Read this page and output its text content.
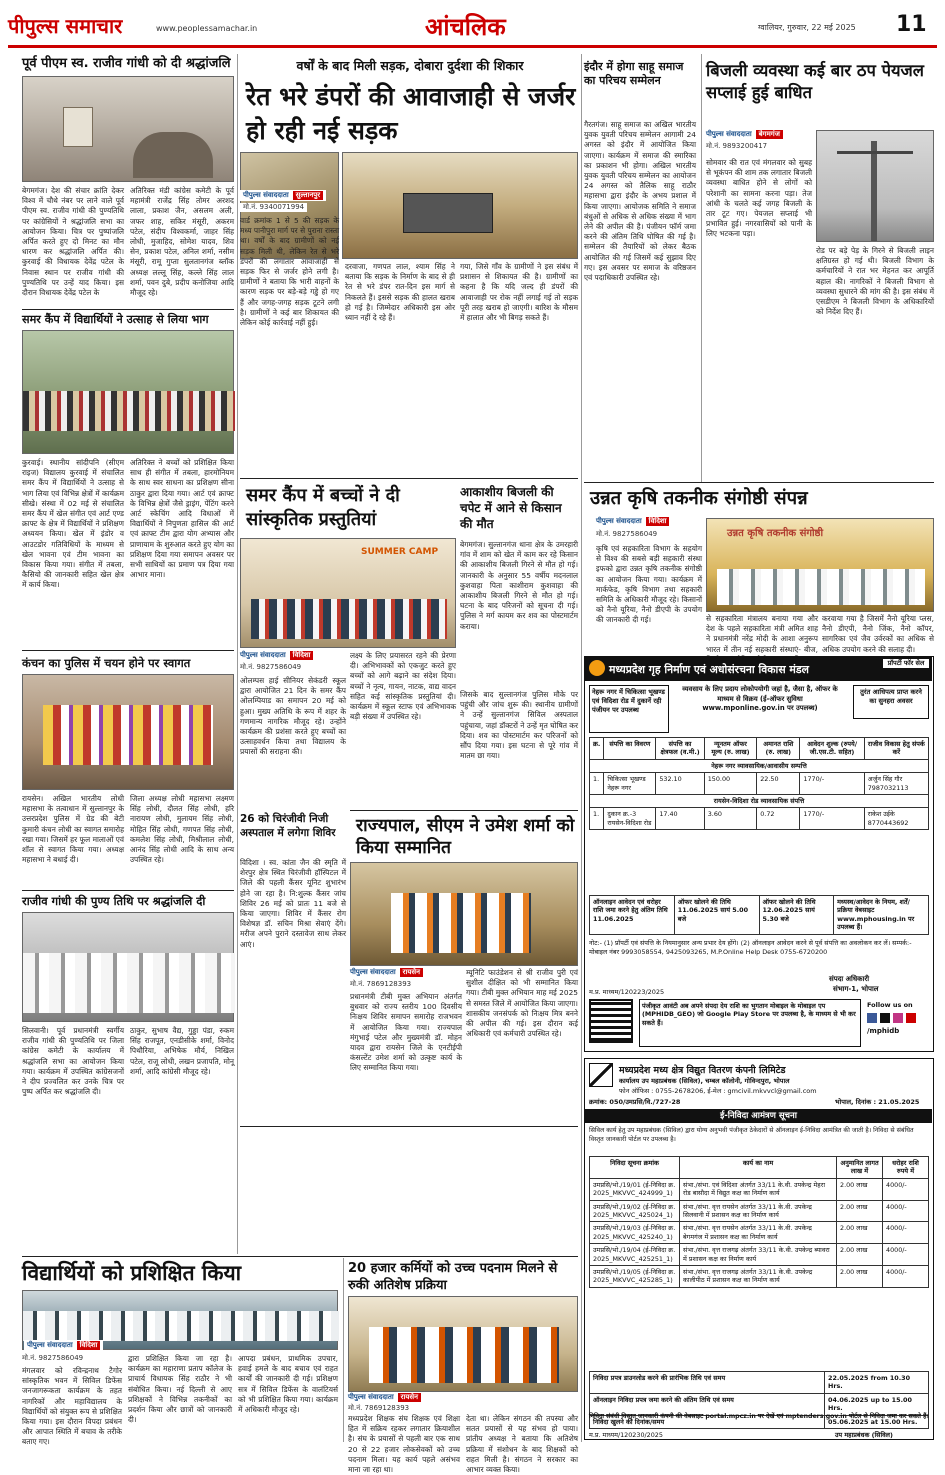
पीपुल्स समाचार	www.peoplessamachar.in	आंचलिक	ग्वालियर, गुरुवार, 22 मई 2025 11
पूर्व पीएम स्व. राजीव गांधी को दी श्रद्धांजलि
बेगमगंज। देश की संचार क्रांति देकर विश्व में चौथे नंबर पर लाने वाले पूर्व पीएम स्व. राजीव गांधी की पुण्यतिथि पर कांग्रेसियों ने श्रद्धांजलि सभा का आयोजन किया। चित्र पर पुष्पांजलि अर्पित करते हुए दो मिनट का मौन धारण कर श्रद्धांजलि अर्पित की। कुरवाई की विधायक देवेंद्र पटेल के निवास स्थान पर राजीव गांधी की पुण्यतिथि पर उन्हें याद किया। इस दौरान विधायक देवेंद्र पटेल के
अतिरिक्त मंडी कांग्रेस कमेटी के पूर्व महामंत्री राजेंद्र सिंह तोमर अरशद लाला, प्रकाश जैन, असलम अली, जफर शाह, सकिर मंसूरी, अकरम पटेल, संदीप विश्वकर्मा, जाहर सिंह लोधी, मुजाहिद, सोमेश यादव, शिव सेन, प्रकाश पटेल, अनिल शर्मा, नसीम मंसूरी, रामू गुप्ता सुलतानगंज ब्लॉक अध्यक्ष लल्लू सिंह, कल्ले सिंह लाल शर्मा, पवन दुबे, प्रदीप कनोजिया आदि मौजूद रहे।
समर कैंप में विद्यार्थियों ने उत्साह से लिया भाग
कुरवाई। स्थानीय सांदीपनि (सीएम राइज) विद्यालय कुरवाई में संचालित समर कैंप में विद्यार्थियों ने उत्साह से भाग लिया एवं विभिन्न क्षेत्रों में कार्यक्रम सीखे। संस्था में 02 मई से संचालित समर कैंप में खेल संगीत एवं आर्ट एण्ड क्राफ्ट के क्षेत्र में विद्यार्थियों ने प्रशिक्षण अध्ययन किया। खेल में इंडोर व आउटडोर गतिविधियों के माध्यम से खेल भावना एवं टीम भावना का विकास किया गया। संगीत में तबला, कैसियो की जानकारी सहित खेल क्षेत्र में कार्य किया।
अतिरिक्त ने बच्चों को प्रशिक्षित किया साथ ही संगीत में तबला, हारमोनियम के साथ स्वर साधना का प्रशिक्षण सीना ठाकुर द्वारा दिया गया। आर्ट एवं क्राफ्ट के विभिन्न क्षेत्रों जैसे ड्राइंग, पेंटिंग करने आर्ट स्केचिंग आदि विधाओं में विद्यार्थियों ने निपुणता हासिल की आर्ट एवं क्राफ्ट टीम द्वारा योग अभ्यास और प्राणायाम के शुरुआत करते हुए योग का प्रशिक्षण दिया गया समापन अवसर पर सभी साथियों का प्रमाण पत्र दिया गया आभार माना।
कंचन का पुलिस में चयन होने पर स्वागत
रायसेन। अखिल भारतीय लोधी महासभा के तत्वाधान में सुल्तानपुर के उत्तरप्रदेश पुलिस में ग्रेड की बेटी कुमारी कंचन लोधी का स्वागत समारोह रखा गया। जिसमें हर फूल मालाओं एवं शॉल से स्वागत किया गया। अध्यक्ष महासभा ने बधाई दी।
जिला अध्यक्ष लोधी महासभा लक्ष्मण सिंह लोधी, दौलत सिंह लोधी, हरि नारायण लोधी, मुलायम सिंह लोधी, मोहित सिंह लोधी, गणपत सिंह लोधी, कमलेश सिंह लोधी, मिश्रीलाल लोधी, आनंद सिंह लोधी आदि के साथ अन्य उपस्थित रहे।
राजीव गांधी की पुण्य तिथि पर श्रद्धांजलि दी
सिलवानी। पूर्व प्रधानमंत्री स्वर्गीय राजीव गांधी की पुण्यतिथि पर जिला कांग्रेस कमेटी के कार्यालय में श्रद्धांजलि सभा का आयोजन किया गया। कार्यक्रम में उपस्थित कांग्रेसजनों ने दीप प्रज्वलित कर उनके चित्र पर पुष्प अर्पित कर श्रद्धांजलि दी।
ठाकुर, सुभाष वैद्य, गुड्डा पंडा, रुकम सिंह राजपूत, एनडीसीके शर्मा, विनोद पिथौरिया, अभिषेक मौर्य, निखिल पटेल, राजू लोधी, लखन प्रजापति, मोनू शर्मा, आदि कांग्रेसी मौजूद रहे।
वर्षों के बाद मिली सड़क, दोबारा दुर्दशा की शिकार
रेत भरे डंपरों की आवाजाही से जर्जर हो रही नई सड़क
पीपुल्स संवाददाता	सुल्तानपुर
मो.नं. 9340071994
वार्ड क्रमांक 1 से 5 की सड़क के मध्य पानीपुरा मार्ग पर से पुराना रास्ता था। वर्षों के बाद ग्रामीणों को नई सड़क मिली थी, लेकिन रेत से भरे डंपरों की लगातार आवाजाही से सड़क फिर से जर्जर होने लगी है। ग्रामीणों ने बताया कि भारी वाहनों के कारण सड़क पर बड़े-बड़े गड्ढे हो गए हैं और जगह-जगह सड़क टूटने लगी है। ग्रामीणों ने कई बार शिकायत की लेकिन कोई कार्रवाई नहीं हुई।
दरवाजा, गणपत लाल, श्याम सिंह ने बताया कि सड़क के निर्माण के बाद से ही रेत से भरे डंपर रात-दिन इस मार्ग से निकलते हैं। इससे सड़क की हालत खराब हो गई है। जिम्मेदार अधिकारी इस ओर ध्यान नहीं दे रहे हैं।
गया, जिसे गाँव के ग्रामीणों ने इस संबंध में प्रशासन से शिकायत की है। ग्रामीणों का कहना है कि यदि जल्द ही डंपरों की आवाजाही पर रोक नहीं लगाई गई तो सड़क पूरी तरह खराब हो जाएगी। बारिश के मौसम में हालात और भी बिगड़ सकते हैं।
समर कैंप में बच्चों ने दी सांस्कृतिक प्रस्तुतियां
SUMMER CAMP
पीपुल्स संवाददाता	विदिशा
मो.नं. 9827586049
ओलम्पस हाई सीनियर सेकंडरी स्कूल द्वारा आयोजित 21 दिन के समर कैंप ओलम्पियाड का समापन 20 मई को हुआ। मुख्य अतिथि के रूप में शहर के गणमान्य नागरिक मौजूद रहे। उन्होंने कार्यक्रम की प्रशंसा करते हुए बच्चों का उत्साहवर्धन किया तथा विद्यालय के प्रयासों की सराहना की।
लक्ष्य के लिए प्रयासरत रहने की प्रेरणा दी। अभिभावकों को एकजुट करते हुए बच्चों को आगे बढ़ाने का संदेश दिया। बच्चों ने नृत्य, गायन, नाटक, वाद्य वादन सहित कई सांस्कृतिक प्रस्तुतियां दी। कार्यक्रम में स्कूल स्टाफ एवं अभिभावक बड़ी संख्या में उपस्थित रहे।
26 को चिरंजीवी निजी अस्पताल में लगेगा शिविर
विदिशा । स्व. कांता जैन की स्मृति में शेरपुर क्षेत्र स्थित चिरंजीवी हॉस्पिटल में जिले की पहली कैंसर यूनिट शुभारंभ होने जा रहा है। नि:शुल्क कैंसर जांच शिविर 26 मई को प्रातः 11 बजे से किया जाएगा। शिविर में कैंसर रोग विशेषज्ञ डॉ. सचिन मिश्रा सेवाएं देंगे। मरीज अपने पुराने दस्तावेज साथ लेकर आएं।
आकाशीय बिजली की चपेट में आने से किसान की मौत
बेगमगंज। सुल्तानगंज थाना क्षेत्र के उमरहारी गांव में शाम को खेत में काम कर रहे किसान की आकाशीय बिजली गिरने से मौत हो गई। जानकारी के अनुसार 55 वर्षीय मदनलाल कुशवाहा पिता काशीराम कुशवाहा की आकाशीय बिजली गिरने से मौत हो गई। घटना के बाद परिजनों को सूचना दी गई। पुलिस ने मर्ग कायम कर शव का पोस्टमार्टम कराया।
जिसके बाद सुल्तानगंज पुलिस मौके पर पहुंची और जांच शुरू की। स्थानीय ग्रामीणों ने उन्हें सुल्तानगंज सिविल अस्पताल पहुंचाया, जहां डॉक्टरों ने उन्हें मृत घोषित कर दिया। शव का पोस्टमार्टम कर परिजनों को सौंप दिया गया। इस घटना से पूरे गांव में मातम छा गया।
राज्यपाल, सीएम ने उमेश शर्मा को किया सम्मानित
पीपुल्स संवाददाता	रायसेन
मो.नं. 7869128393
प्रधानमंत्री टीबी मुक्त अभियान अंतर्गत बुधवार को राज्य स्तरीय 100 दिवसीय निःक्षय शिविर समापन समारोह राजभवन में आयोजित किया गया। राज्यपाल मंगुभाई पटेल और मुख्यमंत्री डॉ. मोहन यादव द्वारा रायसेन जिले के एनटीईपी कंसल्टेंट उमेश शर्मा को उत्कृष्ट कार्य के लिए सम्मानित किया गया।
म्यूनिटि फाउंडेशन से श्री राजीव पुरी एवं सुशील दीक्षित को भी सम्मानित किया गया। टीबी मुक्त अभियान माह मई 2025 से समस्त जिले में आयोजित किया जाएगा। शासकीय जनसंपर्क को निःक्षय मित्र बनने की अपील की गई। इस दौरान कई अधिकारी एवं कर्मचारी उपस्थित रहे।
विद्यार्थियों को प्रशिक्षित किया
पीपुल्स संवाददाता	विदिशा
मो.नं. 9827586049
मंगलवार को रविन्द्रनाथ टैगोर सांस्कृतिक भवन में सिविल डिफेंस जनजागरूकता कार्यक्रम के तहत नागरिकों और महाविद्यालय के विद्यार्थियों को संयुक्त रूप से प्रशिक्षित किया गया। इस दौरान विपदा प्रबंधन और आपात स्थिति में बचाव के तरीके बताए गए।
द्वारा प्रशिक्षित किया जा रहा है। कार्यक्रम का महाराणा प्रताप कॉलेज के प्राचार्य विधायक सिंह राठौर ने भी संबोधित किया। नई दिल्ली से आए प्रशिक्षकों ने विभिन्न तकनीकों का प्रदर्शन किया और छात्रों को जानकारी दी।
आपदा प्रबंधन, प्राथमिक उपचार, हवाई हमले के बाद बचाव एवं राहत कार्यों की जानकारी दी गई। प्रशिक्षण सत्र में सिविल डिफेंस के वालंटियर्स को भी प्रशिक्षित किया गया। कार्यक्रम में अधिकारी मौजूद रहे।
20 हजार कर्मियों को उच्च पदनाम मिलने से रुकी अतिशेष प्रक्रिया
पीपुल्स संवाददाता	रायसेन
मो.नं. 7869128393
मध्यप्रदेश शिक्षक संघ शिक्षक एवं शिक्षा हित में सक्रिय रहकर लगातार क्रियाशील है। संघ के प्रयासों से पहली बार एक साथ 20 से 22 हजार लोकसेवकों को उच्च पदनाम मिला। यह कार्य पहले असंभव माना जा रहा था।
देता था। लेकिन संगठन की तपस्या और सतत प्रयासों से यह संभव हो पाया। प्रांतीय अध्यक्ष ने बताया कि अतिशेष प्रक्रिया में संशोधन के बाद शिक्षकों को राहत मिली है। संगठन ने सरकार का आभार व्यक्त किया।
इंदौर में होगा साहू समाज का परिचय सम्मेलन
गैरतगंज। साहू समाज का अखिल भारतीय युवक युवती परिचय सम्मेलन आगामी 24 अगस्त को इंदौर में आयोजित किया जाएगा। कार्यक्रम में समाज की स्मारिका का प्रकाशन भी होगा। अखिल भारतीय युवक युवती परिचय सम्मेलन का आयोजन 24 अगस्त को तैलिक साहू राठौर महासभा द्वारा इंदौर के अभय प्रशाल में किया जाएगा। आयोजक समिति ने समाज बंधुओं से अधिक से अधिक संख्या में भाग लेने की अपील की है। पंजीयन फॉर्म जमा करने की अंतिम तिथि घोषित की गई है। सम्मेलन की तैयारियों को लेकर बैठक आयोजित की गई जिसमें कई सुझाव दिए गए। इस अवसर पर समाज के वरिष्ठजन एवं पदाधिकारी उपस्थित रहे।
बिजली व्यवस्था कई बार ठप पेयजल सप्लाई हुई बाधित
पीपुल्स संवाददाता	बेगमगंज
मो.नं. 9893200417
सोमवार की रात एवं मंगलवार को सुबह से भूकंपन की शाम तक लगातार बिजली व्यवस्था बाधित होने से लोगों को परेशानी का सामना करना पड़ा। तेज आंधी के चलते कई जगह बिजली के तार टूट गए। पेयजल सप्लाई भी प्रभावित हुई। नगरवासियों को पानी के लिए भटकना पड़ा।
रोड पर बड़े पेड़ के गिरने से बिजली लाइन क्षतिग्रस्त हो गई थी। बिजली विभाग के कर्मचारियों ने रात भर मेहनत कर आपूर्ति बहाल की। नागरिकों ने बिजली विभाग से व्यवस्था सुधारने की मांग की है। इस संबंध में एसडीएम ने बिजली विभाग के अधिकारियों को निर्देश दिए हैं।
उन्नत कृषि तकनीक संगोष्ठी संपन्न
पीपुल्स संवाददाता	विदिशा
मो.नं. 9827586049
कृषि एवं सहकारिता विभाग के सहयोग से विश्व की सबसे बड़ी सहकारी संस्था इफको द्वारा उन्नत कृषि तकनीक संगोष्ठी का आयोजन किया गया। कार्यक्रम में मार्कफेड, कृषि विभाग तथा सहकारी समिति के अधिकारी मौजूद रहे। किसानों को नैनो यूरिया, नैनो डीएपी के उपयोग की जानकारी दी गई।
उन्नत कृषि तकनीक संगोष्ठी
से सहकारिता मंत्रालय बनाया गया और देश के पहले सहकारिता मंत्री अमित शाह ने प्रधानमंत्री नरेंद्र मोदी के आशा अनुरूप भारत में तीन नई सहकारी संस्थाएं- बीज,
करवाया गया है जिसमें नैनो यूरिया प्लस, नैनो डीएपी, नैनो जिंक, नैनो कॉपर, सागरिका एवं जैव उर्वरकों का अधिक से अधिक उपयोग करने की सलाह दी।
मध्यप्रदेश गृह निर्माण एवं अधोसंरचना विकास मंडल	प्रॉपर्टी फॉर सेल
नेहरू नगर में चिकित्सा भूखण्ड एवं विदिशा रोड में दुकानें रही पंजीयन पर उपलब्ध
व्यवसाय के लिए प्रदाय लोकोपयोगी जहां है, जैसा है, ऑफर के माध्यम से विक्रय (ई-ऑफर सुविधा www.mponline.gov.in पर उपलब्ध)
तुरंत आधिपत्य प्राप्त करने का सुनहरा अवसर
क्र.	संपत्ति का विवरण	संपत्ति का क्षेत्रफल (व.मी.)	न्यूनतम ऑफर मूल्य (रु. लाख)	अमानत राशि (रु. लाख)	आवेदन शुल्क (रुपये/जी.एस.टी. सहित)	राजीव विकास हेतु संपर्क करें
नेहरू नगर व्यावसायिक/आवासीय सम्पत्ति						
1.	चिकित्सा भूखण्ड नेहरू नगर	532.10	150.00	22.50	1770/-	अर्जुन सिंह गौर 7987032113
रायसेन-विदिशा रोड व्यावसायिक संपत्ति						
1.	दुकान क्र.-3 रायसेन-विदिशा रोड	17.40	3.60	0.72	1770/-	राकेश उईके 8770443692
ऑनलाइन आवेदन एवं धरोहर राशि जमा करने हेतु अंतिम तिथि 11.06.2025	ऑफर खोलने की तिथि 11.06.2025 सायं 5.00 बजे	ऑफर खोलने की तिथि 12.06.2025 सायं 5.30 बजे	मध्यस्थ/आवेदन के नियम, शर्तें/प्रक्रिया वेबसाइट www.mphousing.in पर उपलब्ध हैं।
नोट:- (1) प्रॉपर्टी एवं संपत्ति के नियमानुसार अन्य प्रभार देय होंगे। (2) ऑनलाइन आवेदन करने से पूर्व संपत्ति का अवलोकन कर लें। सम्पर्क:- मोबाइल नंबर 9993058554, 9425093265, M.P.Online Help Desk 0755-6720200
संपदा अधिकारी
संभाग-1, भोपाल
म.प्र. माध्यम/120223/2025
पंजीकृत आवंटी अब अपने संपदा देय राशि का भुगतान मोबाइल के मोबाइल एप (MPHIDB_GEO) जो Google Play Store पर उपलब्ध है, के माध्यम से भी कर सकते हैं।
Follow us on
/mphidb
मध्यप्रदेश मध्य क्षेत्र विद्युत वितरण कंपनी लिमिटेड
कार्यालय उप महाप्रबंधक (सिविल), चम्बल कॉलोनी, गोविन्दपुरा, भोपाल
फोन ऑफिस : 0755-2678206, ई-मेल : gmcivil.mkvvcl@gmail.com
क्रमांक: 050/उमप्रसि/वि./727-28	भोपाल, दिनांक : 21.05.2025
ई-निविदा आमंत्रण सूचना
सिविल कार्य हेतु उप महाप्रबंधक (सिविल) द्वारा योग्य अनुभवी पंजीकृत ठेकेदारों से ऑनलाइन ई-निविदा आमंत्रित की जाती है। निविदा से संबंधित विस्तृत जानकारी पोर्टल पर उपलब्ध है।
निविदा सूचना क्रमांक	कार्य का नाम	अनुमानित लागत लाख में	धरोहर राशि रुपये में
उमप्रसि/भो./19/01 (ई-निविदा क्र. 2025_MKVVC_424999_1)	संभा./संभा. एवं विदिशा अंतर्गत 33/11 के.वी. उपकेन्द्र मेहरा रोड बासौदा में विद्युत कक्ष का निर्माण कार्य	2.00 लाख	4000/-
उमप्रसि/भो./19/02 (ई-निविदा क्र. 2025_MKVVC_425024_1)	संभा./संभा. वृत्त रायसेन अंतर्गत 33/11 के.वी. उपकेन्द्र सिलवानी में प्रशासन कक्ष का निर्माण कार्य	2.00 लाख	4000/-
उमप्रसि/भो./19/03 (ई-निविदा क्र. 2025_MKVVC_425240_1)	संभा./संभा. वृत्त रायसेन अंतर्गत 33/11 के.वी. उपकेन्द्र बेगमगंज में प्रशासन कक्ष का निर्माण कार्य	2.00 लाख	4000/-
उमप्रसि/भो./19/04 (ई-निविदा क्र. 2025_MKVVC_425251_1)	संभा./संभा. वृत्त राजगढ़ अंतर्गत 33/11 के.वी. उपकेन्द्र ब्यावरा में प्रशासन कक्ष का निर्माण कार्य	2.00 लाख	4000/-
उमप्रसि/भो./19/05 (ई-निविदा क्र. 2025_MKVVC_425285_1)	संभा./संभा. वृत्त राजगढ़ अंतर्गत 33/11 के.वी. उपकेन्द्र कालीपीठ में प्रशासन कक्ष का निर्माण कार्य	2.00 लाख	4000/-
निविदा प्रपत्र डाउनलोड करने की प्रारंभिक तिथि एवं समय	22.05.2025 from 10.30 Hrs.
ऑनलाइन निविदा प्रपत्र जमा करने की अंतिम तिथि एवं समय	04.06.2025 up to 15.00 Hrs.
निविदा खुलने की दिनांक/समय	05.06.2025 at 15.00 Hrs.
निविदा संबंधी विस्तृत जानकारी कंपनी की वेबसाइट portal.mpcz.in पर देखें एवं mptenders.gov.in पोर्टल से निविदा जमा कर सकते हैं।
म.प्र. माध्यम/120230/2025	उप महाप्रबंधक (सिविल)
